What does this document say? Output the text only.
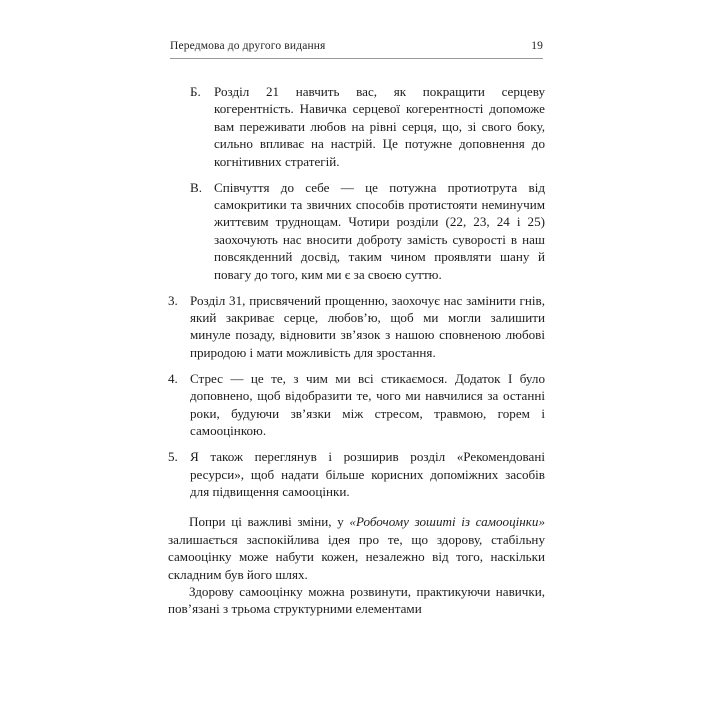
Передмова до другого видання	19
Б.	Розділ 21 навчить вас, як покращити серцеву когерентність. Навичка серцевої когерентності допоможе вам переживати любов на рівні серця, що, зі свого боку, сильно впливає на настрій. Це потужне доповнення до когнітивних стратегій.
В. Співчуття до себе — це потужна протиотрута від самокритики та звичних способів протистояти неминучим життєвим труднощам. Чотири розділи (22, 23, 24 і 25) заохочують нас вносити доброту замість суворості в наш повсякденний досвід, таким чином проявляти шану й повагу до того, ким ми є за своєю суттю.
3. Розділ 31, присвячений прощенню, заохочує нас замінити гнів, який закриває серце, любов’ю, щоб ми могли залишити минуле позаду, відновити зв’язок з нашою сповненою любові природою і мати можливість для зростання.
4. Стрес — це те, з чим ми всі стикаємося. Додаток I було доповнено, щоб відобразити те, чого ми навчилися за останні роки, будуючи зв’язки між стресом, травмою, горем і самооцінкою.
5. Я також переглянув і розширив розділ «Рекомендовані ресурси», щоб надати більше корисних допоміжних засобів для підвищення самооцінки.

Попри ці важливі зміни, у «Робочому зошиті із самооцінки» залишається заспокійлива ідея про те, що здорову, стабільну самооцінку може набути кожен, незалежно від того, наскільки складним був його шлях.

Здорову самооцінку можна розвинути, практикуючи навички, пов’язані з трьома структурними елементами
